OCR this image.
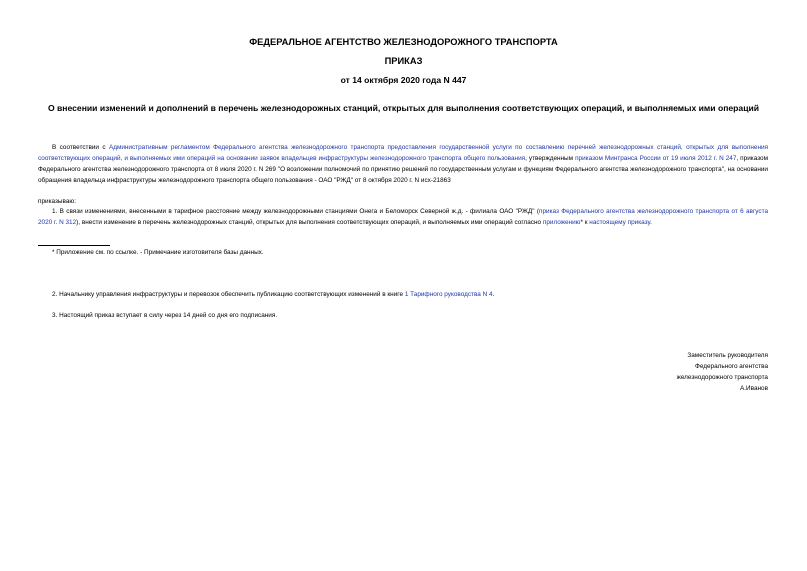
ФЕДЕРАЛЬНОЕ АГЕНТСТВО ЖЕЛЕЗНОДОРОЖНОГО ТРАНСПОРТА
ПРИКАЗ
от 14 октября 2020 года N 447
О внесении изменений и дополнений в перечень железнодорожных станций, открытых для выполнения соответствующих операций, и выполняемых ими операций

В соответствии с Административным регламентом Федерального агентства железнодорожного транспорта предоставления государственной услуги по составлению перечней железнодорожных станций, открытых для выполнения соответствующих операций, и выполняемых ими операций на основании заявок владельцев инфраструктуры железнодорожного транспорта общего пользования, утвержденным приказом Минтранса России от 19 июля 2012 г. N 247, приказом Федерального агентства железнодорожного транспорта от 8 июля 2020 г. N 269 "О возложении полномочий по принятию решений по государственным услугам и функциям Федерального агентства железнодорожного транспорта", на основании обращения владельца инфраструктуры железнодорожного транспорта общего пользования - ОАО "РЖД" от 8 октября 2020 г. N исх-21863

приказываю:

1. В связи изменениями, внесенными в тарифное расстояние между железнодорожными станциями Онега и Беломорск Северной ж.д. - филиала ОАО "РЖД" (приказ Федерального агентства железнодорожного транспорта от 6 августа 2020 г. N 312), внести изменение в перечень железнодорожных станций, открытых для выполнения соответствующих операций, и выполняемых ими операций согласно приложению* к настоящему приказу.

* Приложение см. по ссылке. - Примечание изготовителя базы данных.

2. Начальнику управления инфраструктуры и перевозок обеспечить публикацию соответствующих изменений в книге 1 Тарифного руководства N 4.

3. Настоящий приказ вступает в силу через 14 дней со дня его подписания.

Заместитель руководителя
Федерального агентства
железнодорожного транспорта
А.Иванов
